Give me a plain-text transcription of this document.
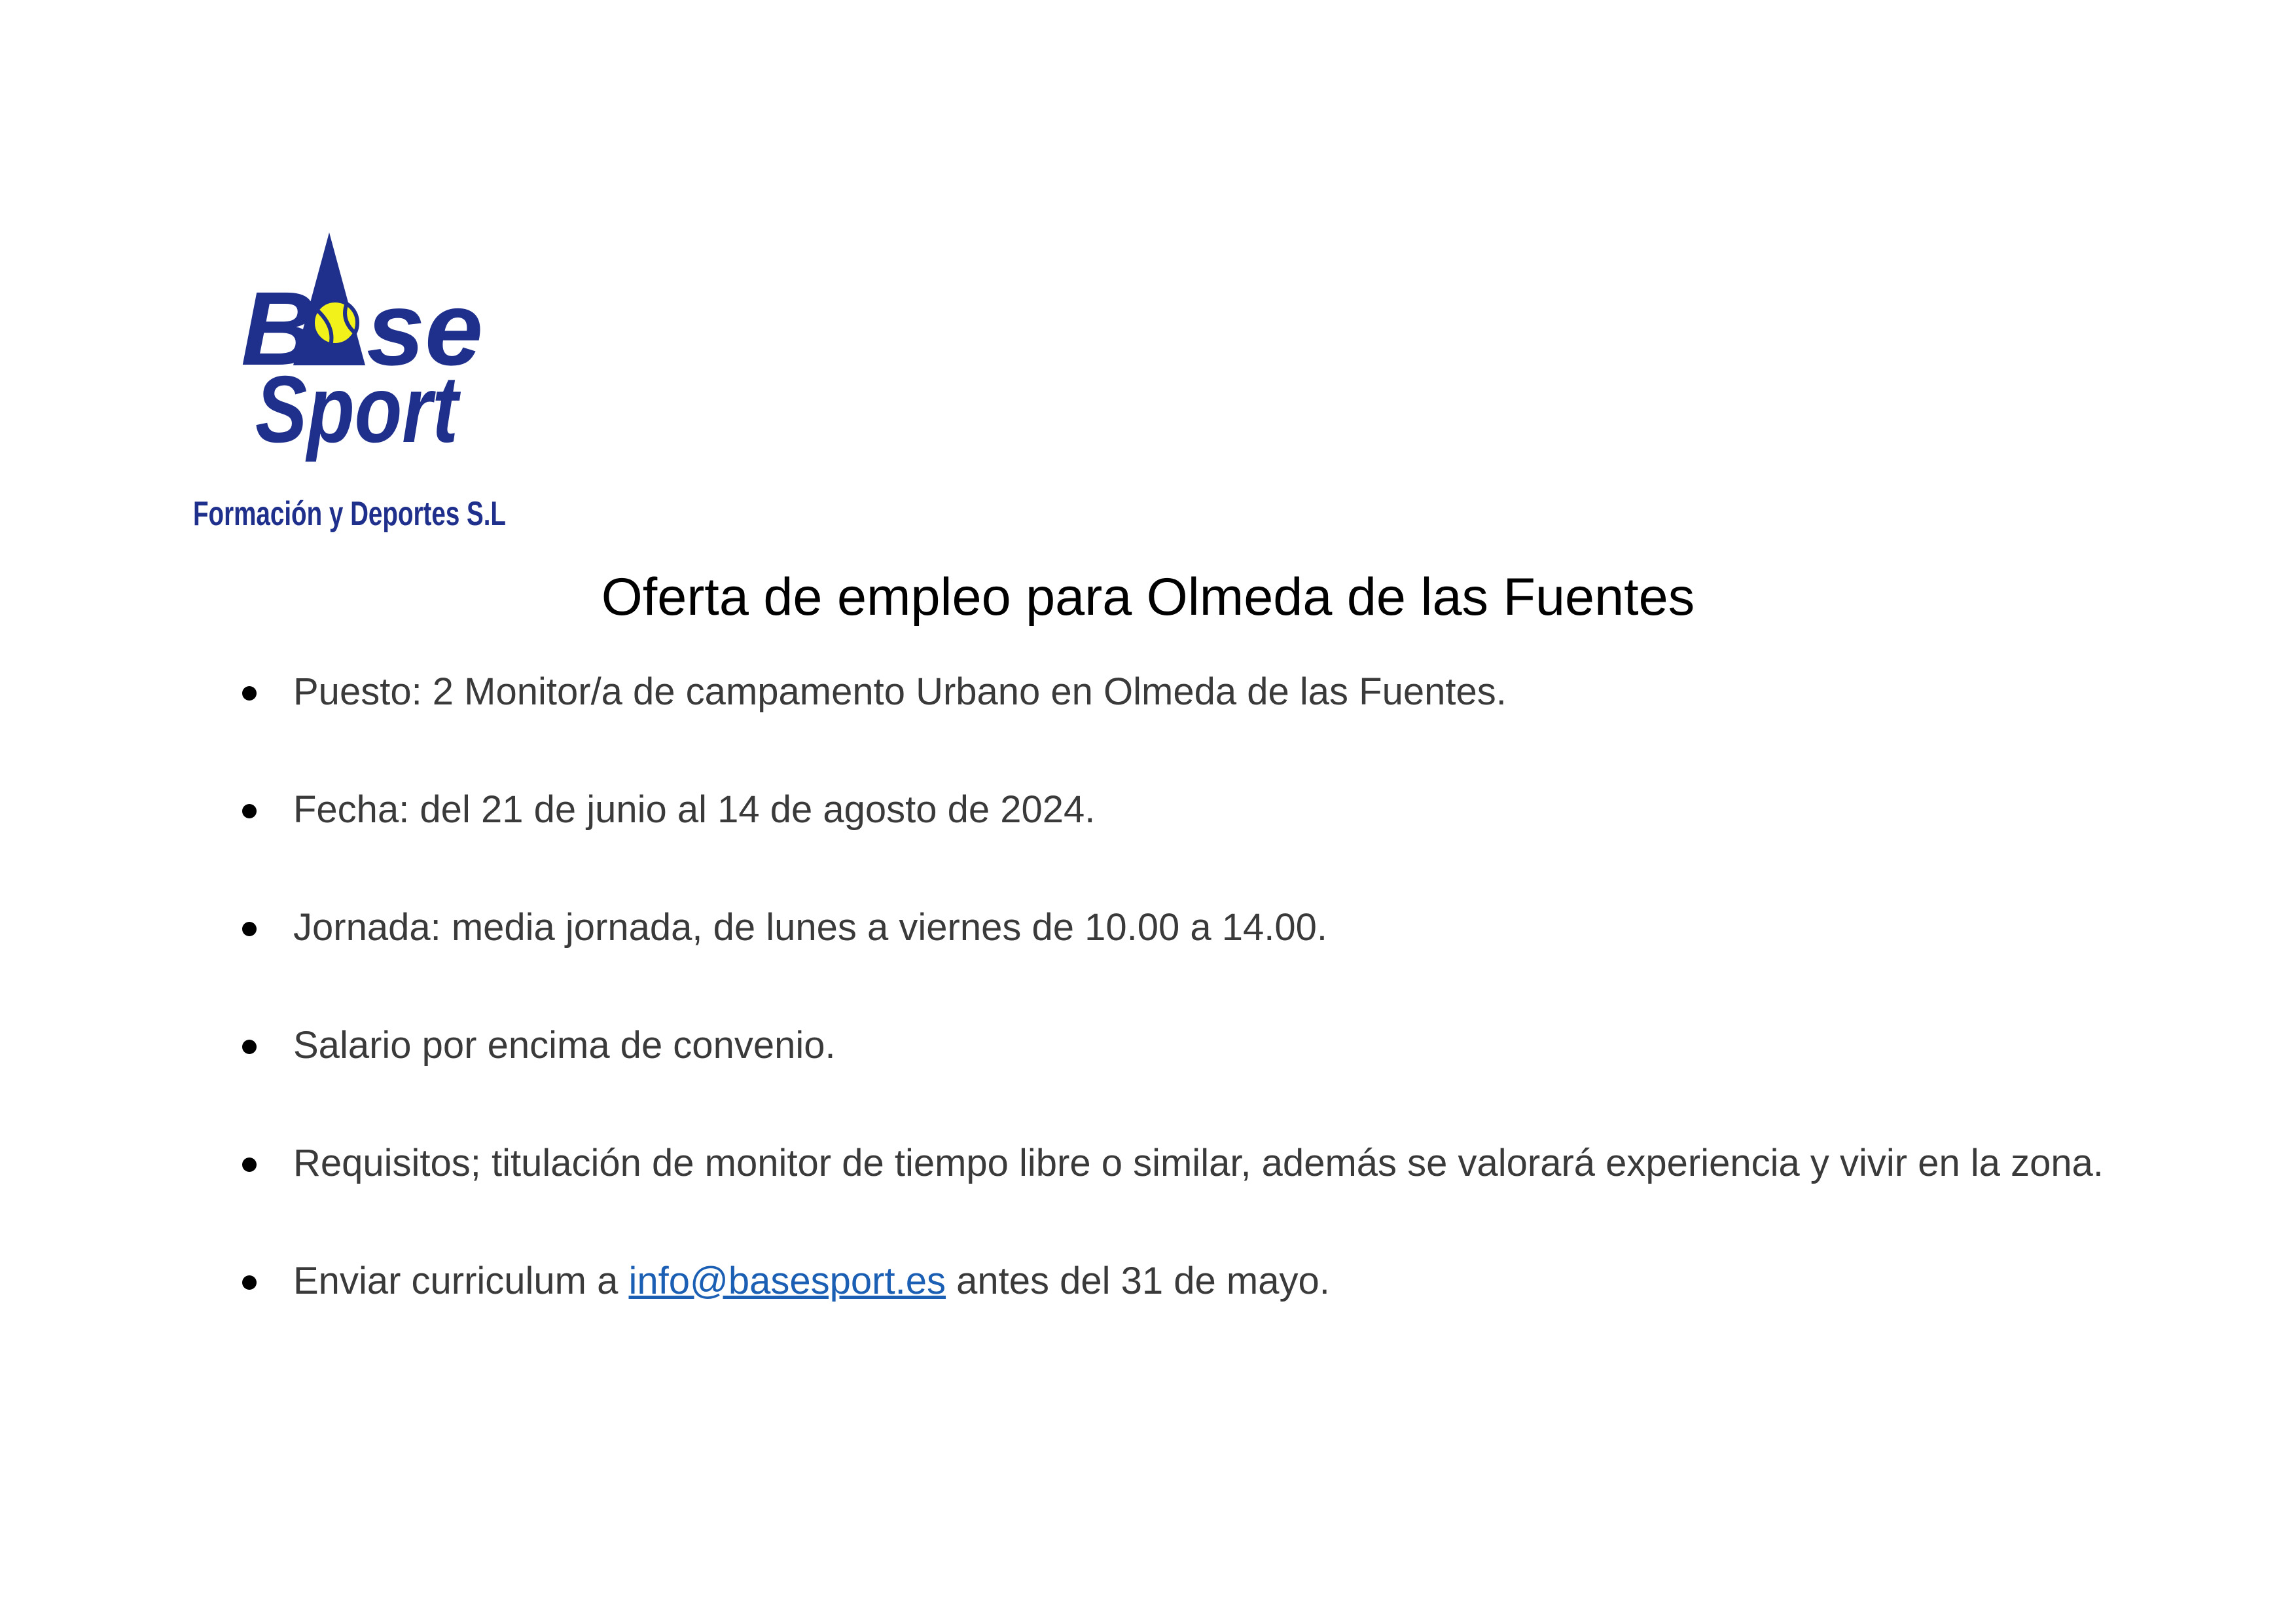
B se
Sport
Formación y Deportes S.L
Oferta de empleo para Olmeda de las Fuentes
Puesto: 2 Monitor/a de campamento Urbano en Olmeda de las Fuentes.
Fecha: del 21 de junio al 14 de agosto de 2024.
Jornada: media jornada, de lunes a viernes de 10.00 a 14.00.
Salario por encima de convenio.
Requisitos; titulación de monitor de tiempo libre o similar, además se valorará experiencia y vivir en la zona.
Enviar curriculum a info@basesport.es antes del 31 de mayo.
